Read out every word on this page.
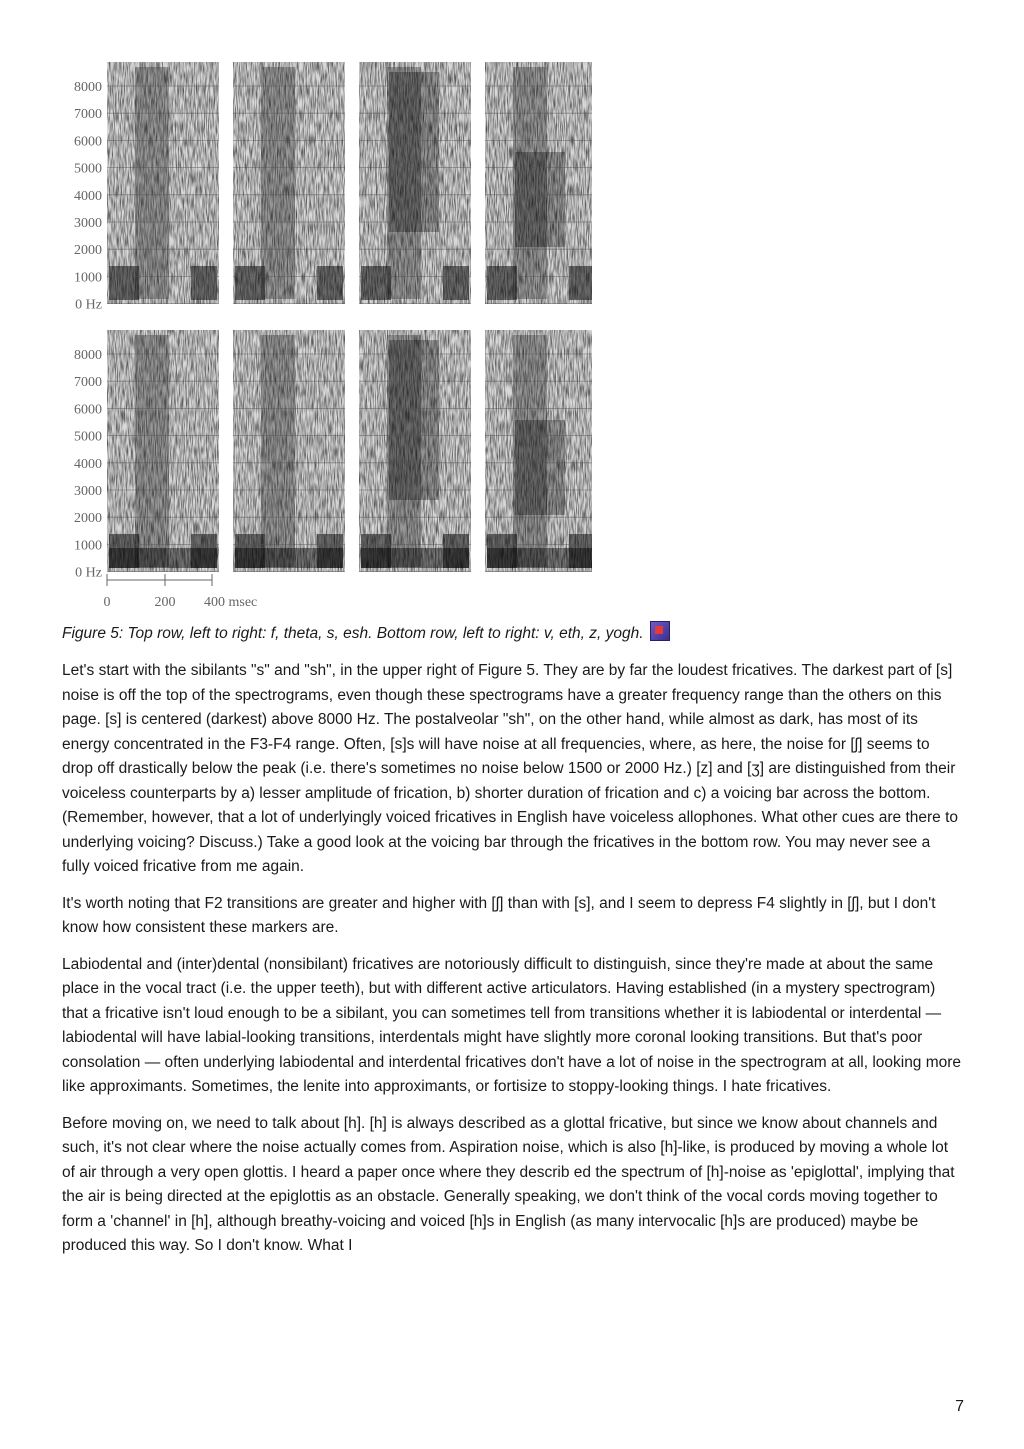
8000
7000
6000
5000
4000
3000
2000
1000
0 Hz
8000
7000
6000
5000
4000
3000
2000
1000
0 Hz
0	200 400 msec
Figure 5: Top row, left to right: f, theta, s, esh. Bottom row, left to right: v, eth, z, yogh.

Let's start with the sibilants "s" and "sh", in the upper right of Figure 5. They are by far the loudest fricatives. The darkest part of [s] noise is off the top of the spectrograms, even though these spectrograms have a greater frequency range than the others on this page. [s] is centered (darkest) above 8000 Hz. The postalveolar "sh", on the other hand, while almost as dark, has most of its energy concentrated in the F3-F4 range. Often, [s]s will have noise at all frequencies, where, as here, the noise for [ʃ] seems to drop off drastically below the peak (i.e. there's sometimes no noise below 1500 or 2000 Hz.) [z] and [ʒ] are distinguished from their voiceless counterparts by a) lesser amplitude of frication, b) shorter duration of frication and c) a voicing bar across the bottom. (Remember, however, that a lot of underlyingly voiced fricatives in English have voiceless allophones. What other cues are there to underlying voicing? Discuss.) Take a good look at the voicing bar through the fricatives in the bottom row. You may never see a fully voiced fricative from me again.

It's worth noting that F2 transitions are greater and higher with [ʃ] than with [s], and I seem to depress F4 slightly in [ʃ], but I don't know how consistent these markers are.

Labiodental and (inter)dental (nonsibilant) fricatives are notoriously difficult to distinguish, since they're made at about the same place in the vocal tract (i.e. the upper teeth), but with different active articulators. Having established (in a mystery spectrogram) that a fricative isn't loud enough to be a sibilant, you can sometimes tell from transitions whether it is labiodental or interdental — labiodental will have labial-looking transitions, interdentals might have slightly more coronal looking transitions. But that's poor consolation — often underlying labiodental and interdental fricatives don't have a lot of noise in the spectrogram at all, looking more like approximants. Sometimes, the lenite into approximants, or fortisize to stoppy-looking things. I hate fricatives.

Before moving on, we need to talk about [h]. [h] is always described as a glottal fricative, but since we know about channels and such, it's not clear where the noise actually comes from. Aspiration noise, which is also [h]-like, is produced by moving a whole lot of air through a very open glottis. I heard a paper once where they describ ed the spectrum of [h]-noise as 'epiglottal', implying that the air is being directed at the epiglottis as an obstacle. Generally speaking, we don't think of the vocal cords moving together to form a 'channel' in [h], although breathy-voicing and voiced [h]s in English (as many intervocalic [h]s are produced) maybe be produced this way. So I don't know. What I

7
